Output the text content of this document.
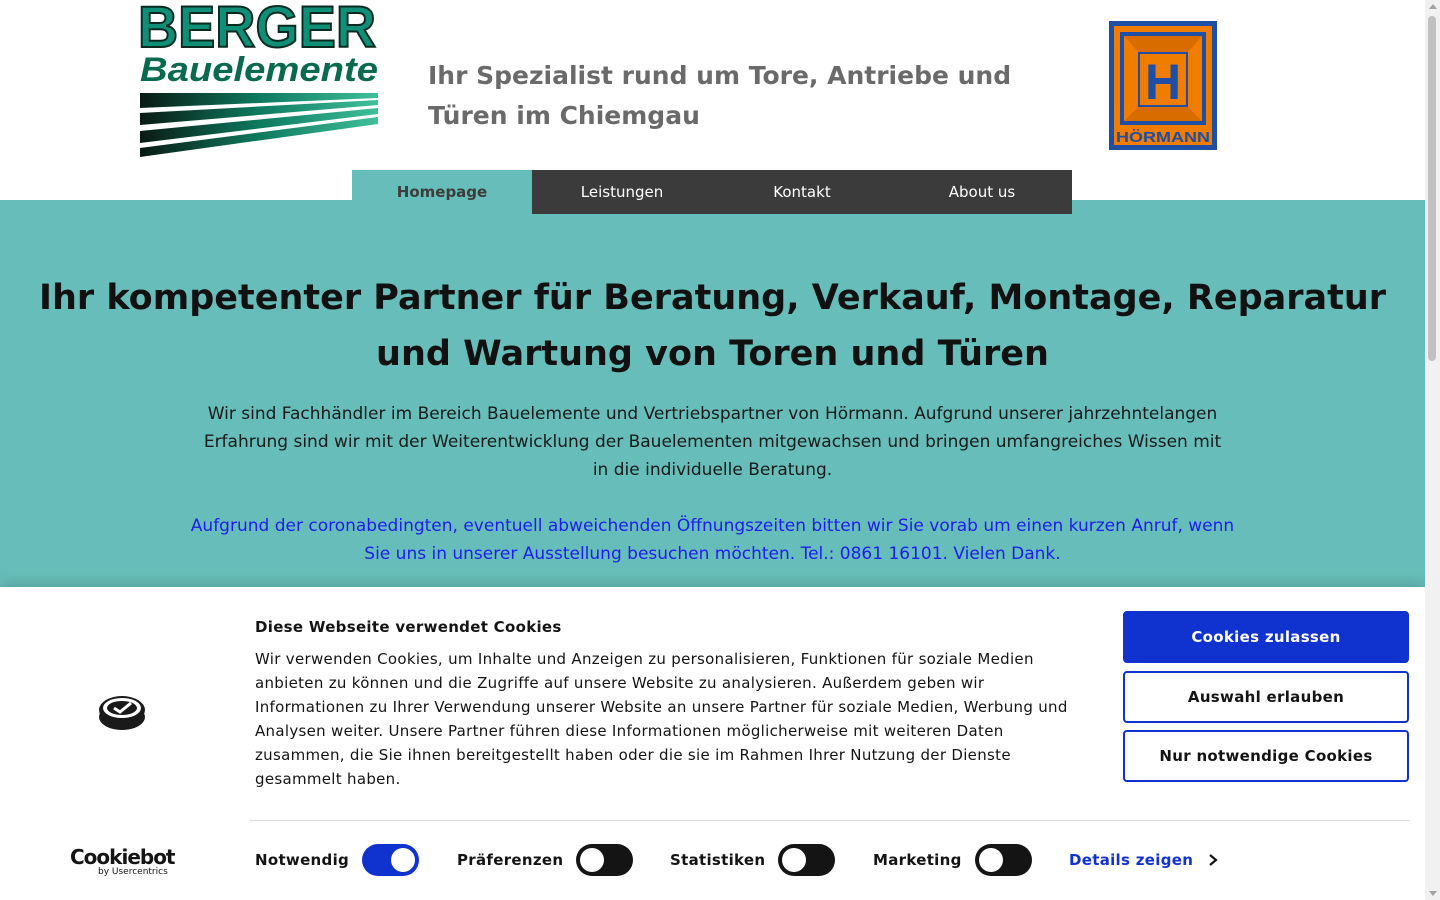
BERGER
Bauelemente Ihr Spezialist rund um Tore, Antriebe und Türen im Chiemgau
H
HÖRMANN
Ihr kompetenter Partner für Beratung, Verkauf, Montage, Reparatur und Wartung von Toren und Türen

Wir sind Fachhändler im Bereich Bauelemente und Vertriebspartner von Hörmann. Aufgrund unserer jahrzehntelangen Erfahrung sind wir mit der Weiterentwicklung der Bauelementen mitgewachsen und bringen umfangreiches Wissen mit in die individuelle Beratung.

Aufgrund der coronabedingten, eventuell abweichenden Öffnungszeiten bitten wir Sie vorab um einen kurzen Anruf, wenn Sie uns in unserer Ausstellung besuchen möchten. Tel.: 0861 16101. Vielen Dank.

Homepage	Leistungen	Kontakt	About us
Diese Webseite verwendet Cookies

Wir verwenden Cookies, um Inhalte und Anzeigen zu personalisieren, Funktionen für soziale Medien anbieten zu können und die Zugriffe auf unsere Website zu analysieren. Außerdem geben wir Informationen zu Ihrer Verwendung unserer Website an unsere Partner für soziale Medien, Werbung und Analysen weiter. Unsere Partner führen diese Informationen möglicherweise mit weiteren Daten zusammen, die Sie ihnen bereitgestellt haben oder die sie im Rahmen Ihrer Nutzung der Dienste gesammelt haben.

Cookies zulassen
Auswahl erlauben
Nur notwendige Cookies
Cookiebot
by Usercentrics
Notwendig	Präferenzen	Statistiken	Marketing	Details zeigen
